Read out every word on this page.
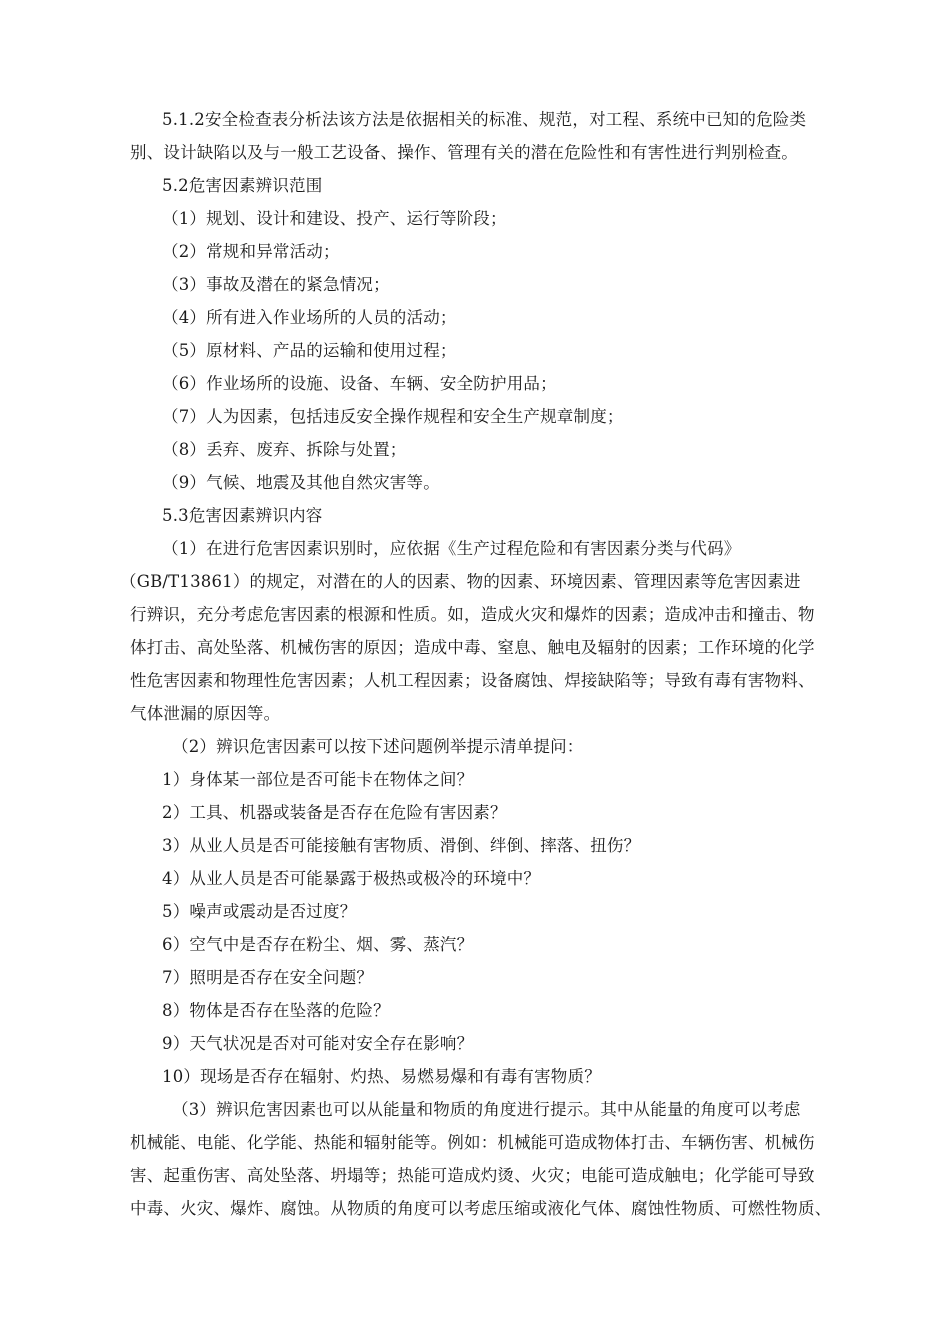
5.1.2安全检查表分析法该方法是依据相关的标准、规范，对工程、系统中已知的危险类
别、设计缺陷以及与一般工艺设备、操作、管理有关的潜在危险性和有害性进行判别检查。
5.2危害因素辨识范围
（1）规划、设计和建设、投产、运行等阶段；
（2）常规和异常活动；
（3）事故及潜在的紧急情况；
（4）所有进入作业场所的人员的活动；
（5）原材料、产品的运输和使用过程；
（6）作业场所的设施、设备、车辆、安全防护用品；
（7）人为因素，包括违反安全操作规程和安全生产规章制度；
（8）丢弃、废弃、拆除与处置；
（9）气候、地震及其他自然灾害等。
5.3危害因素辨识内容
（1）在进行危害因素识别时，应依据《生产过程危险和有害因素分类与代码》
（GB/T13861）的规定，对潜在的人的因素、物的因素、环境因素、管理因素等危害因素进
行辨识，充分考虑危害因素的根源和性质。如，造成火灾和爆炸的因素；造成冲击和撞击、物
体打击、高处坠落、机械伤害的原因；造成中毒、窒息、触电及辐射的因素；工作环境的化学
性危害因素和物理性危害因素；人机工程因素；设备腐蚀、焊接缺陷等；导致有毒有害物料、
气体泄漏的原因等。
（2）辨识危害因素可以按下述问题例举提示清单提问：
1）身体某一部位是否可能卡在物体之间？
2）工具、机器或装备是否存在危险有害因素？
3）从业人员是否可能接触有害物质、滑倒、绊倒、摔落、扭伤？
4）从业人员是否可能暴露于极热或极冷的环境中？
5）噪声或震动是否过度？
6）空气中是否存在粉尘、烟、雾、蒸汽？
7）照明是否存在安全问题？
8）物体是否存在坠落的危险？
9）天气状况是否对可能对安全存在影响？
10）现场是否存在辐射、灼热、易燃易爆和有毒有害物质？
（3）辨识危害因素也可以从能量和物质的角度进行提示。其中从能量的角度可以考虑
机械能、电能、化学能、热能和辐射能等。例如：机械能可造成物体打击、车辆伤害、机械伤
害、起重伤害、高处坠落、坍塌等；热能可造成灼烫、火灾；电能可造成触电；化学能可导致
中毒、火灾、爆炸、腐蚀。从物质的角度可以考虑压缩或液化气体、腐蚀性物质、可燃性物质、
